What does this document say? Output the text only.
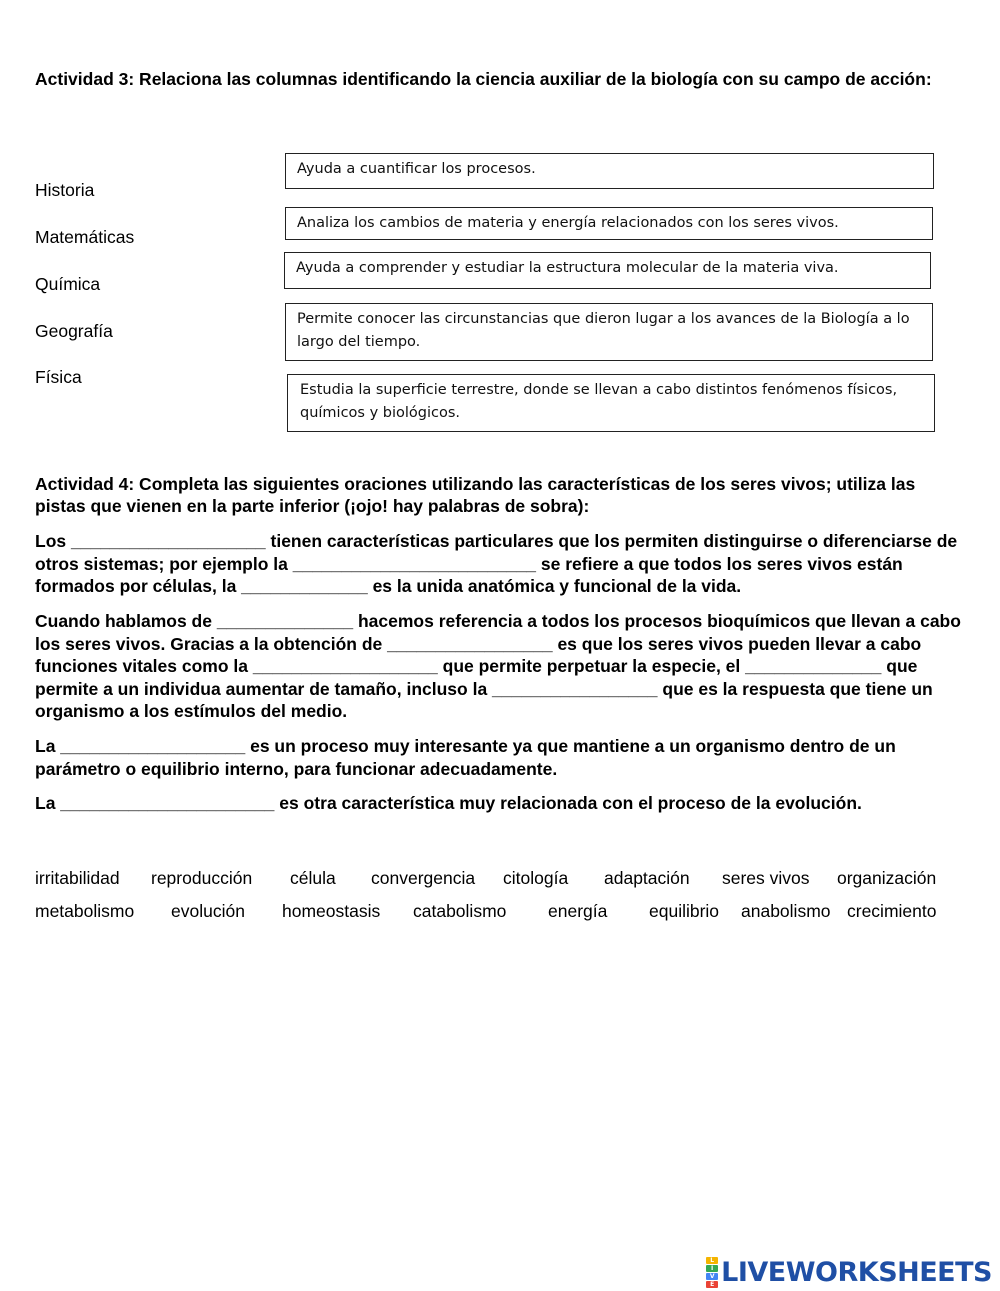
Actividad 3: Relaciona las columnas identificando la ciencia auxiliar de la biología con su campo de acción:
Historia
Matemáticas
Química
Geografía
Física
Ayuda a cuantificar los procesos.
Analiza los cambios de materia y energía relacionados con los seres vivos.
Ayuda a comprender y estudiar la estructura molecular de la materia viva.
Permite conocer las circunstancias que dieron lugar a los avances de la Biología a lo largo del tiempo.
Estudia la superficie terrestre, donde se llevan a cabo distintos fenómenos físicos, químicos y biológicos.
Actividad 4: Completa las siguientes oraciones utilizando las características de los seres vivos; utiliza las pistas que vienen en la parte inferior (¡ojo! hay palabras de sobra):
Los ____________________ tienen características particulares que los permiten distinguirse o diferenciarse de otros sistemas; por ejemplo la _________________________ se refiere a que todos los seres vivos están formados por células, la _____________ es la unida anatómica y funcional de la vida.
Cuando hablamos de ______________ hacemos referencia a todos los procesos bioquímicos que llevan a cabo los seres vivos. Gracias a la obtención de _________________ es que los seres vivos pueden llevar a cabo funciones vitales como la ___________________ que permite perpetuar la especie, el ______________ que permite a un individua aumentar de tamaño, incluso la _________________ que es la respuesta que tiene un organismo a los estímulos del medio.
La ___________________ es un proceso muy interesante ya que mantiene a un organismo dentro de un parámetro o equilibrio interno, para funcionar adecuadamente.
La ______________________ es otra característica muy relacionada con el proceso de la evolución.
irritabilidad reproducción célula convergencia citología adaptación seres vivos organización
metabolismo evolución homeostasis catabolismo energía equilibrio anabolismo crecimiento
L
I
V
E LIVEWORKSHEETS
